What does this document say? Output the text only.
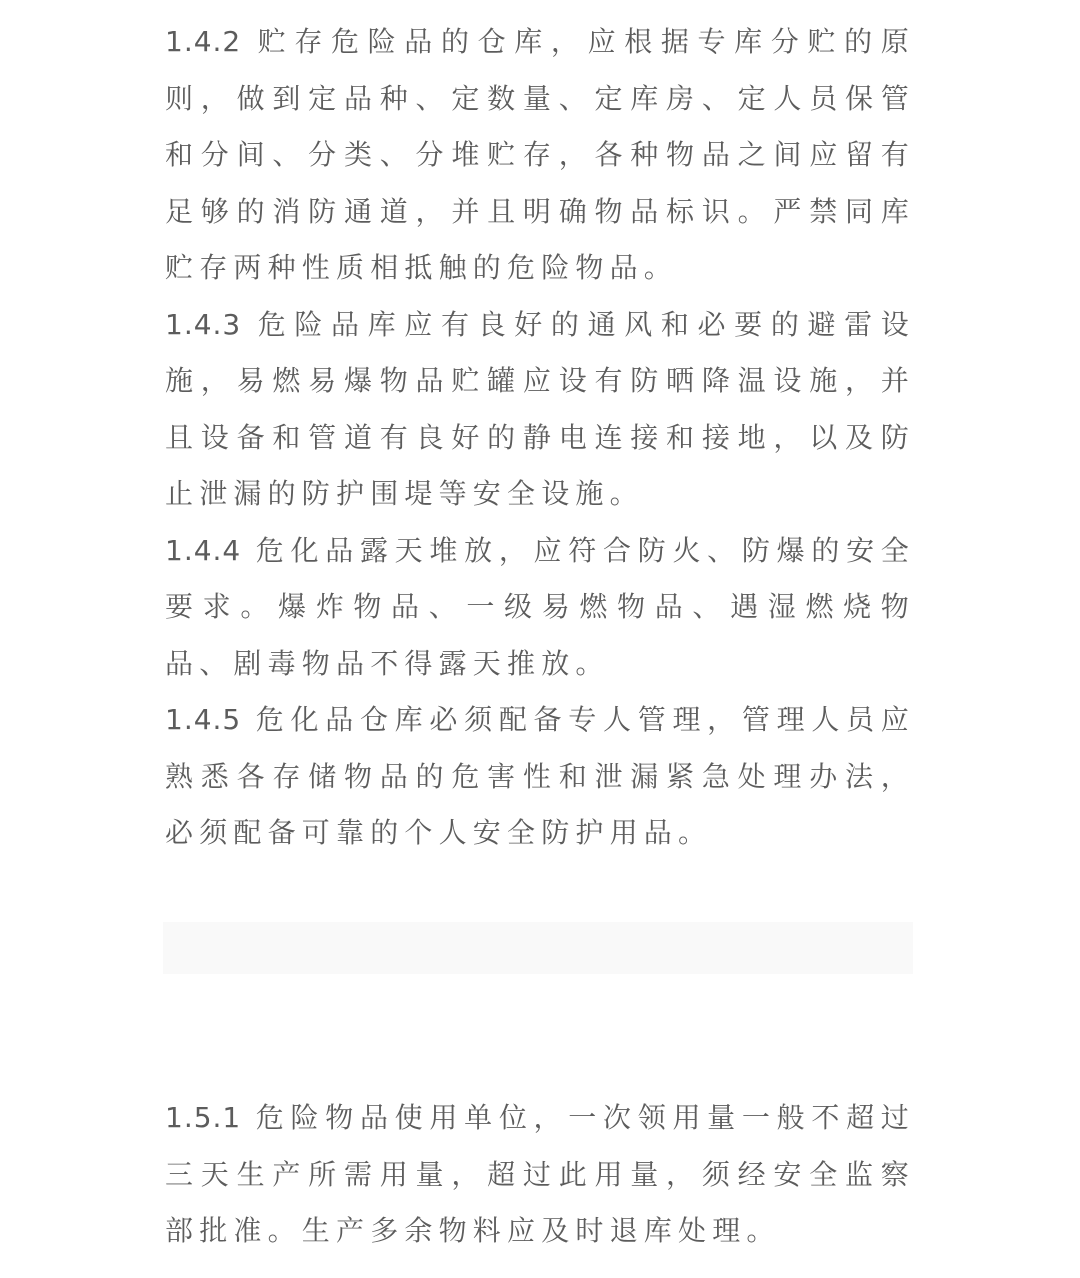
1.4.2 贮存危险品的仓库，应根据专库分贮的原则，做到定品种、定数量、定库房、定人员保管和分间、分类、分堆贮存，各种物品之间应留有足够的消防通道，并且明确物品标识。严禁同库贮存两种性质相抵触的危险物品。

1.4.3 危险品库应有良好的通风和必要的避雷设施，易燃易爆物品贮罐应设有防晒降温设施，并且设备和管道有良好的静电连接和接地，以及防止泄漏的防护围堤等安全设施。

1.4.4 危化品露天堆放，应符合防火、防爆的安全要求。爆炸物品、一级易燃物品、遇湿燃烧物品、剧毒物品不得露天推放。

1.4.5 危化品仓库必须配备专人管理，管理人员应熟悉各存储物品的危害性和泄漏紧急处理办法，必须配备可靠的个人安全防护用品。

1.5.1 危险物品使用单位，一次领用量一般不超过三天生产所需用量，超过此用量，须经安全监察部批准。生产多余物料应及时退库处理。
